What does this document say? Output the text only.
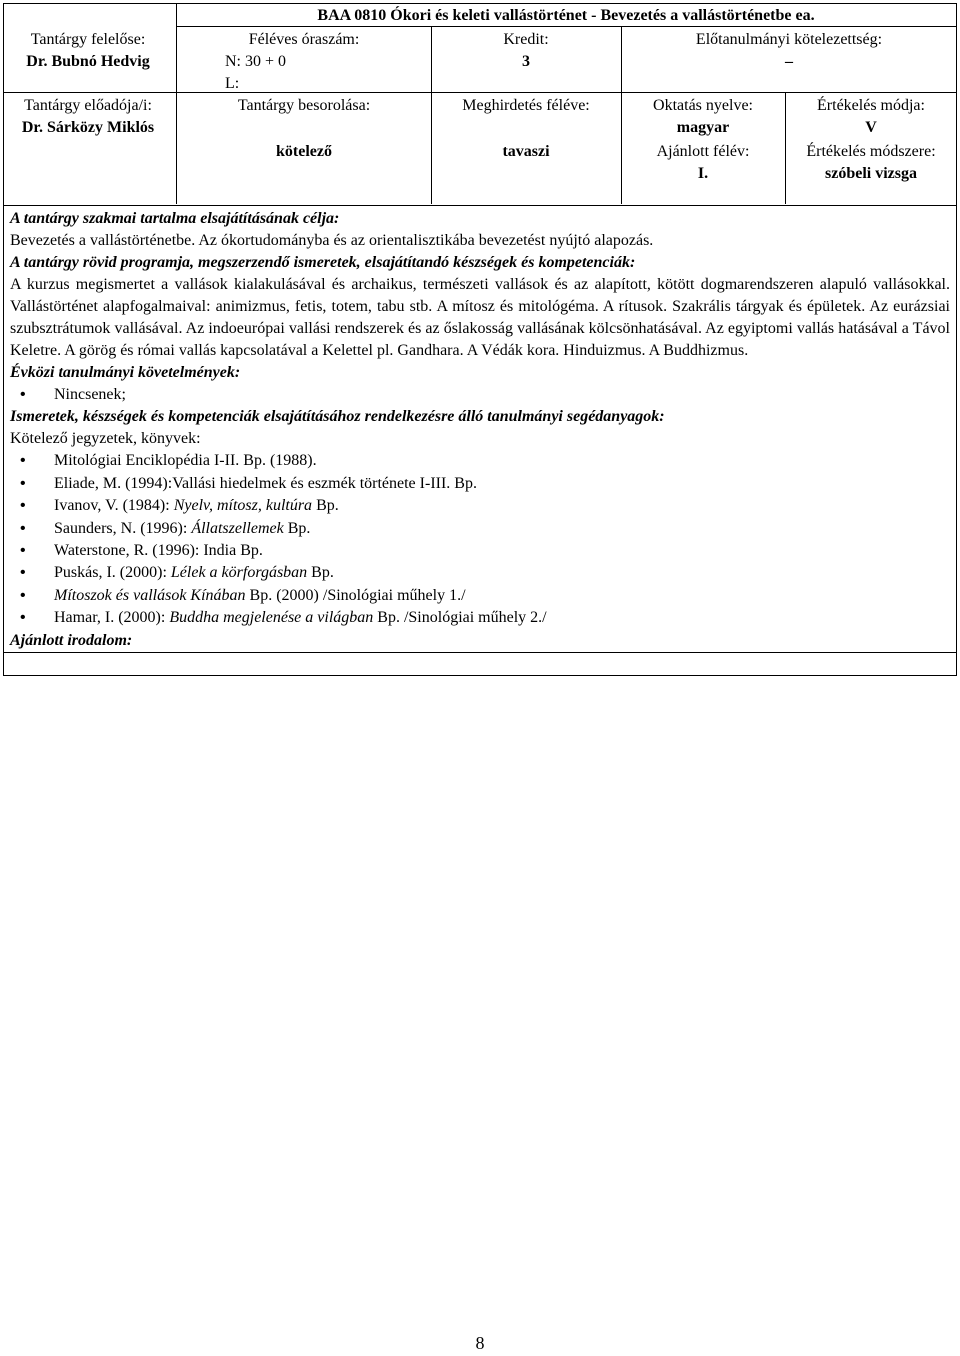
BAA 0810 Ókori és keleti vallástörténet - Bevezetés a vallástörténetbe ea.
Tantárgy felelőse:
Dr. Bubnó Hedvig
Féléves óraszám:
N: 30 + 0
L:
Kredit:
3
Előtanulmányi kötelezettség:
–
Tantárgy előadója/i:
Dr. Sárközy Miklós
Tantárgy besorolása:
kötelező
Meghirdetés féléve:
tavaszi
Oktatás nyelve:
magyar
Ajánlott félév:
I.
Értékelés módja:
V
Értékelés módszere:
szóbeli vizsga
A tantárgy szakmai tartalma elsajátításának célja:
Bevezetés a vallástörténetbe. Az ókortudományba és az orientalisztikába bevezetést nyújtó alapozás.
A tantárgy rövid programja, megszerzendő ismeretek, elsajátítandó készségek és kompetenciák:
A kurzus megismertet a vallások kialakulásával és archaikus, természeti vallások és az alapított, kötött dogmarendszeren alapuló vallásokkal. Vallástörténet alapfogalmaival: animizmus, fetis, totem, tabu stb. A mítosz és mitológéma. A rítusok. Szakrális tárgyak és épületek. Az eurázsiai szubsztrátumok vallásával. Az indoeurópai vallási rendszerek és az őslakosság vallásának kölcsönhatásával. Az egyiptomi vallás hatásával a Távol Keletre. A görög és római vallás kapcsolatával a Kelettel pl. Gandhara. A Védák kora. Hinduizmus. A Buddhizmus.
Évközi tanulmányi követelmények:
• Nincsenek;
Ismeretek, készségek és kompetenciák elsajátításához rendelkezésre álló tanulmányi segédanyagok:
Kötelező jegyzetek, könyvek:
• Mitológiai Enciklopédia I-II. Bp. (1988).
• Eliade, M. (1994):Vallási hiedelmek és eszmék története I-III. Bp.
• Ivanov, V. (1984): Nyelv, mítosz, kultúra Bp.
• Saunders, N. (1996): Állatszellemek Bp.
• Waterstone, R. (1996): India Bp.
• Puskás, I. (2000): Lélek a körforgásban Bp.
• Mítoszok és vallások Kínában Bp. (2000) /Sinológiai műhely 1./
• Hamar, I. (2000): Buddha megjelenése a világban Bp. /Sinológiai műhely 2./
Ajánlott irodalom:
8
